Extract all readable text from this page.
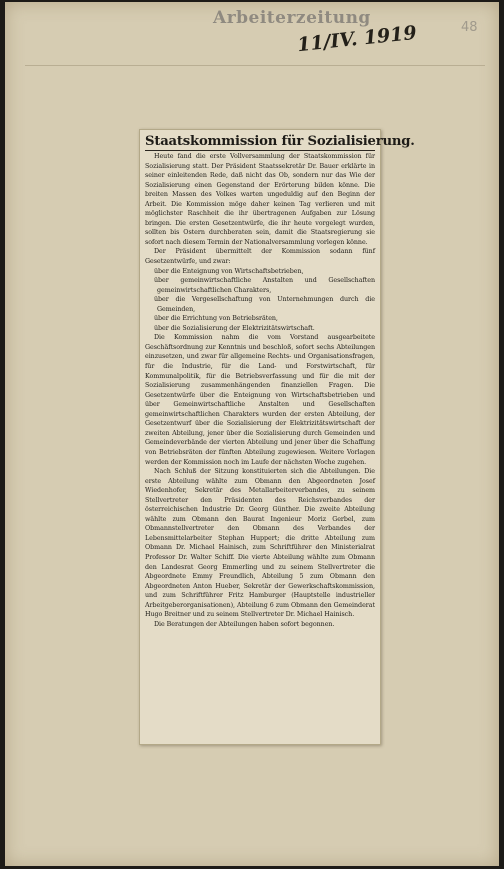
Arbeiterzeitung
11/IV. 1919	48
Staatskommission für Sozialisierung.

Heute fand die erste Vollversammlung der Staatskommission für Sozialisierung statt. Der Präsident Staatssekretär Dr. Bauer erklärte in seiner einleitenden Rede, daß nicht das Ob, sondern nur das Wie der Sozialisierung einen Gegenstand der Erörterung bilden könne. Die breiten Massen des Volkes warten ungeduldig auf den Beginn der Arbeit. Die Kommission möge daher keinen Tag verlieren und mit möglichster Raschheit die ihr übertragenen Aufgaben zur Lösung bringen. Die ersten Gesetzentwürfe, die ihr heute vorgelegt wurden, sollten bis Ostern durchberaten sein, damit die Staatsregierung sie sofort nach diesem Termin der Nationalversammlung vorlegen könne.

Der Präsident übermittelt der Kommission sodann fünf Gesetzentwürfe, und zwar:

über die Enteignung von Wirtschaftsbetrieben,

über gemeinwirtschaftliche Anstalten und Gesellschaften gemeinwirtschaftlichen Charakters,

über die Vergesellschaftung von Unternehmungen durch die Gemeinden,

über die Errichtung von Betriebsräten,

über die Sozialisierung der Elektrizitätswirtschaft.

Die Kommission nahm die vom Vorstand ausgearbeitete Geschäftsordnung zur Kenntnis und beschloß, sofort sechs Abteilungen einzusetzen, und zwar für allgemeine Rechts- und Organisationsfragen, für die Industrie, für die Land- und Forstwirtschaft, für Kommunalpolitik, für die Betriebsverfassung und für die mit der Sozialisierung zusammenhängenden finanziellen Fragen. Die Gesetzentwürfe über die Enteignung von Wirtschaftsbetrieben und über Gemeinwirtschaftliche Anstalten und Gesellschaften gemeinwirtschaftlichen Charakters wurden der ersten Abteilung, der Gesetzentwurf über die Sozialisierung der Elektrizitätswirtschaft der zweiten Abteilung, jener über die Sozialisierung durch Gemeinden und Gemeindeverbände der vierten Abteilung und jener über die Schaffung von Betriebsräten der fünften Abteilung zugewiesen. Weitere Vorlagen werden der Kommission noch im Laufe der nächsten Woche zugehen.

Nach Schluß der Sitzung konstituierten sich die Abteilungen. Die erste Abteilung wählte zum Obmann den Abgeordneten Josef Wiedenhofer, Sekretär des Metallarbeiterverbandes, zu seinem Stellvertreter den Präsidenten des Reichsverbandes der österreichischen Industrie Dr. Georg Günther. Die zweite Abteilung wählte zum Obmann den Baurat Ingenieur Moriz Gerbel, zum Obmannstellvertreter den Obmann des Verbandes der Lebensmittelarbeiter Stephan Huppert; die dritte Abteilung zum Obmann Dr. Michael Hainisch, zum Schriftführer den Ministerialrat Professor Dr. Walter Schiff. Die vierte Abteilung wählte zum Obmann den Landesrat Georg Emmerling und zu seinem Stellvertreter die Abgeordnete Emmy Freundlich, Abteilung 5 zum Obmann den Abgeordneten Anton Hueber, Sekretär der Gewerkschaftskommission, und zum Schriftführer Fritz Hamburger (Hauptstelle industrieller Arbeitgeberorganisationen), Abteilung 6 zum Obmann den Gemeinderat Hugo Breitner und zu seinem Stellvertreter Dr. Michael Hainisch.

Die Beratungen der Abteilungen haben sofort begonnen.
